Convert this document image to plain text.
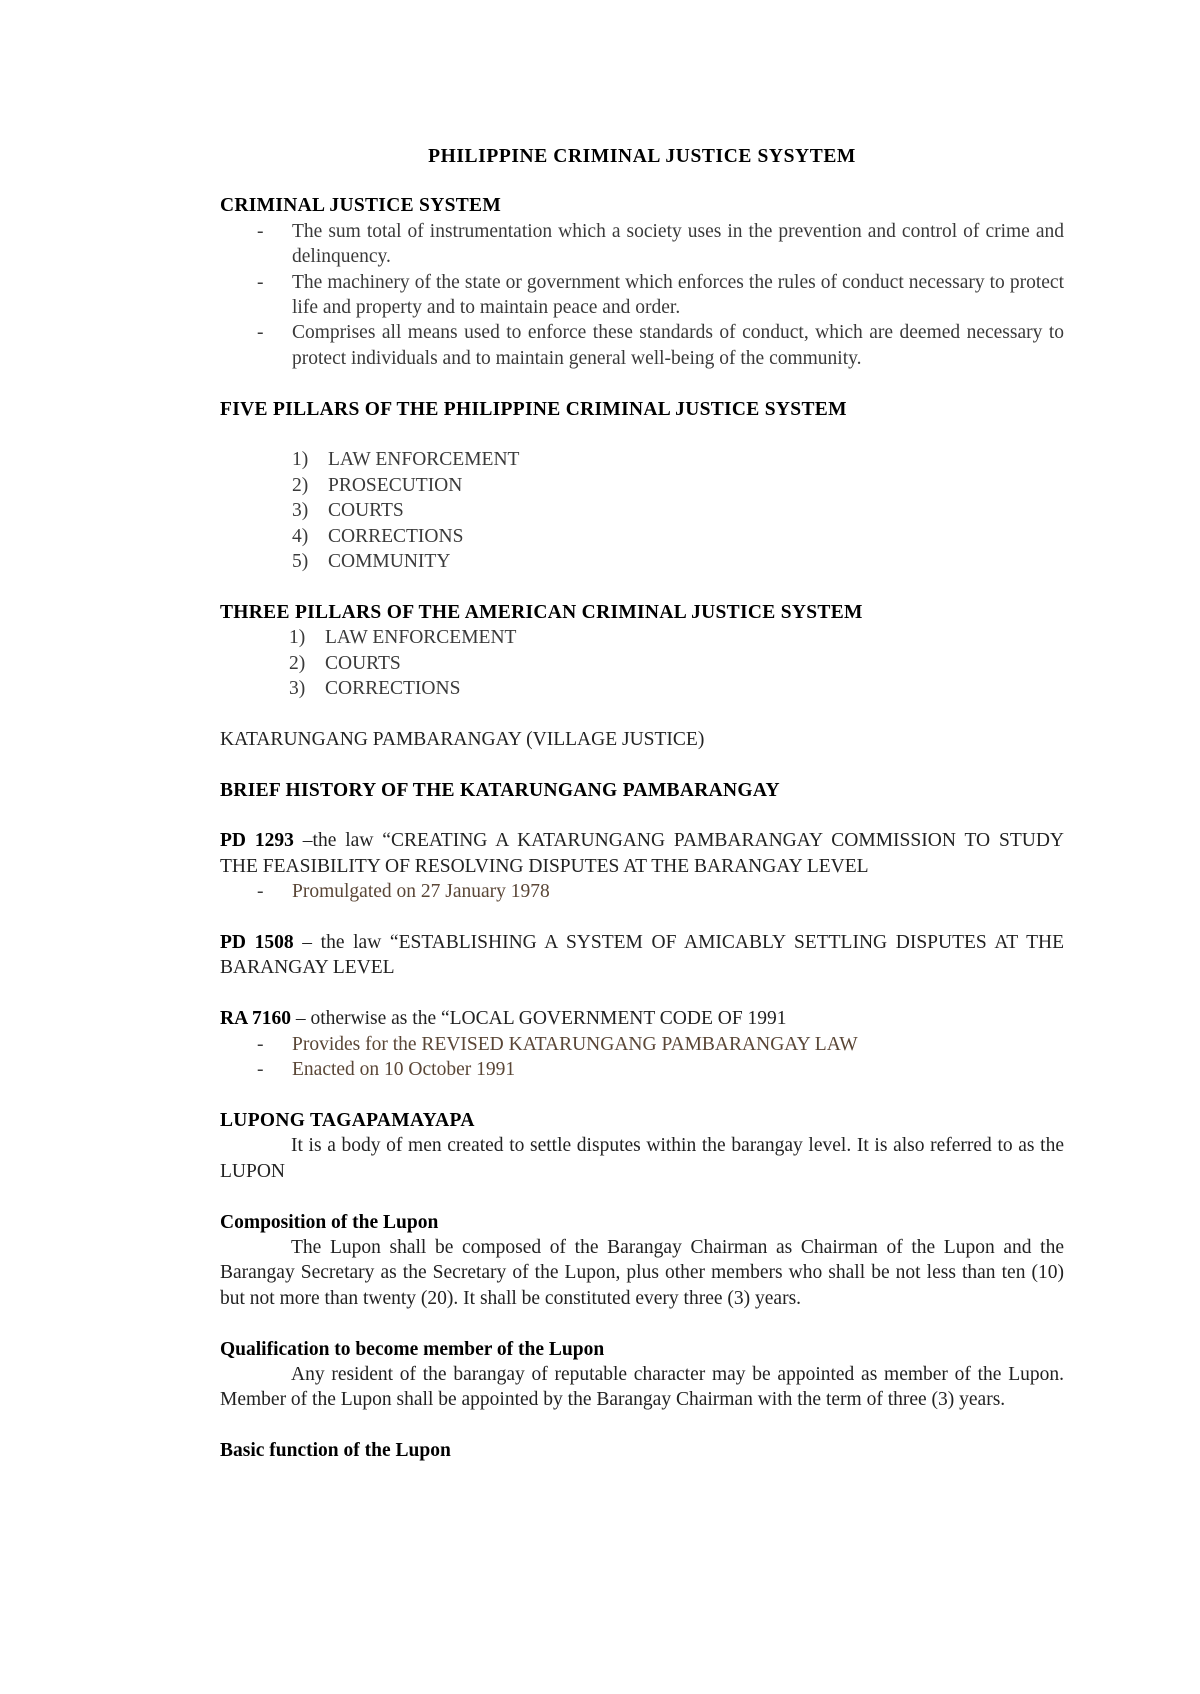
PHILIPPINE CRIMINAL JUSTICE SYSYTEM

CRIMINAL JUSTICE SYSTEM

- The sum total of instrumentation which a society uses in the prevention and control of crime and delinquency.
- The machinery of the state or government which enforces the rules of conduct necessary to protect life and property and to maintain peace and order.
- Comprises all means used to enforce these standards of conduct, which are deemed necessary to protect individuals and to maintain general well-being of the community.

FIVE PILLARS OF THE PHILIPPINE CRIMINAL JUSTICE SYSTEM

1) LAW ENFORCEMENT
2) PROSECUTION
3) COURTS
4) CORRECTIONS
5) COMMUNITY

THREE PILLARS OF THE AMERICAN CRIMINAL JUSTICE SYSTEM

1) LAW ENFORCEMENT
2) COURTS
3) CORRECTIONS

KATARUNGANG PAMBARANGAY (VILLAGE JUSTICE)

BRIEF HISTORY OF THE KATARUNGANG PAMBARANGAY

PD 1293 –the law “CREATING A KATARUNGANG PAMBARANGAY COMMISSION TO STUDY THE FEASIBILITY OF RESOLVING DISPUTES AT THE BARANGAY LEVEL

- Promulgated on 27 January 1978

PD 1508 – the law “ESTABLISHING A SYSTEM OF AMICABLY SETTLING DISPUTES AT THE BARANGAY LEVEL

RA 7160 – otherwise as the “LOCAL GOVERNMENT CODE OF 1991

- Provides for the REVISED KATARUNGANG PAMBARANGAY LAW
- Enacted on 10 October 1991

LUPONG TAGAPAMAYAPA

It is a body of men created to settle disputes within the barangay level. It is also referred to as the LUPON

Composition of the Lupon

The Lupon shall be composed of the Barangay Chairman as Chairman of the Lupon and the Barangay Secretary as the Secretary of the Lupon, plus other members who shall be not less than ten (10) but not more than twenty (20). It shall be constituted every three (3) years.

Qualification to become member of the Lupon

Any resident of the barangay of reputable character may be appointed as member of the Lupon. Member of the Lupon shall be appointed by the Barangay Chairman with the term of three (3) years.

Basic function of the Lupon
